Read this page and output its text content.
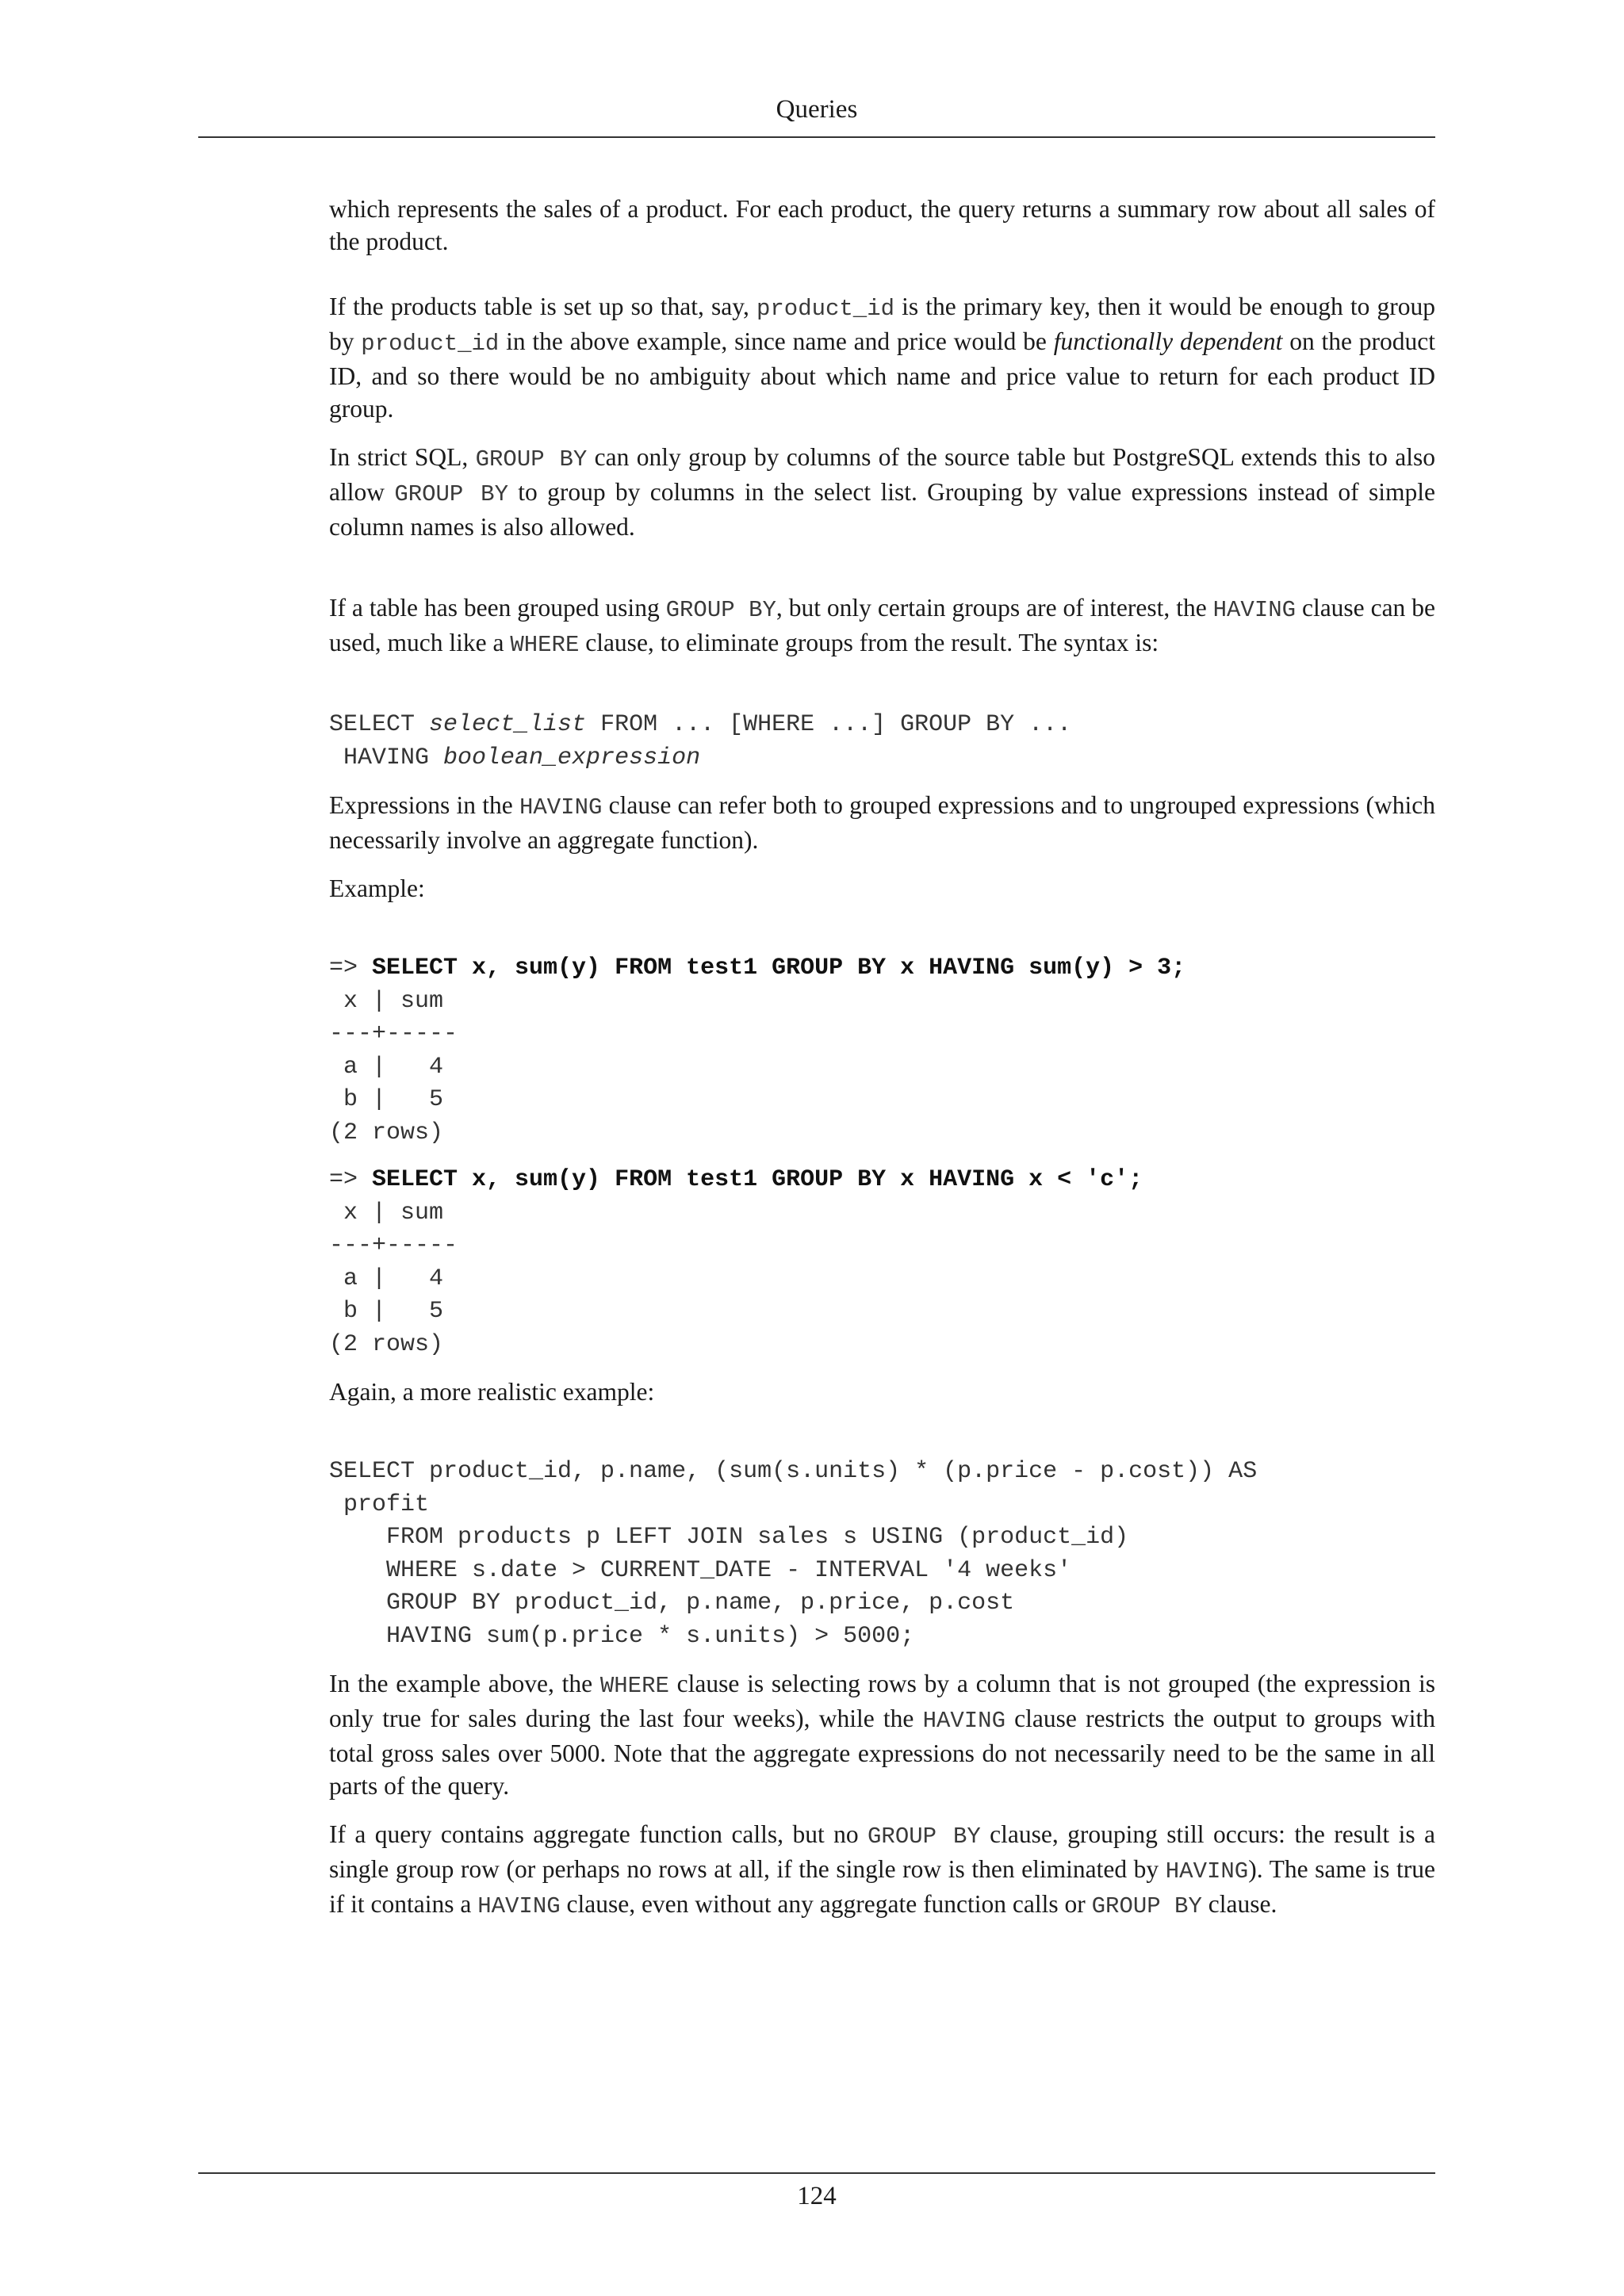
Queries

which represents the sales of a product. For each product, the query returns a summary row about all sales of the product.

If the products table is set up so that, say, product_id is the primary key, then it would be enough to group by product_id in the above example, since name and price would be functionally dependent on the product ID, and so there would be no ambiguity about which name and price value to return for each product ID group.

In strict SQL, GROUP BY can only group by columns of the source table but PostgreSQL extends this to also allow GROUP BY to group by columns in the select list. Grouping by value expressions instead of simple column names is also allowed.

If a table has been grouped using GROUP BY, but only certain groups are of interest, the HAVING clause can be used, much like a WHERE clause, to eliminate groups from the result. The syntax is:

SELECT select_list FROM ... [WHERE ...] GROUP BY ...
HAVING boolean_expression

Expressions in the HAVING clause can refer both to grouped expressions and to ungrouped expressions (which necessarily involve an aggregate function).

Example:

=> SELECT x, sum(y) FROM test1 GROUP BY x HAVING sum(y) > 3;
x | sum
---+-----
a |   4
b |   5
(2 rows)
=> SELECT x, sum(y) FROM test1 GROUP BY x HAVING x < 'c';
x | sum
---+-----
a |   4
b |   5
(2 rows)

Again, a more realistic example:

SELECT product_id, p.name, (sum(s.units) * (p.price - p.cost)) AS
profit
FROM products p LEFT JOIN sales s USING (product_id)
WHERE s.date > CURRENT_DATE - INTERVAL '4 weeks'
GROUP BY product_id, p.name, p.price, p.cost
HAVING sum(p.price * s.units) > 5000;

In the example above, the WHERE clause is selecting rows by a column that is not grouped (the expression is only true for sales during the last four weeks), while the HAVING clause restricts the output to groups with total gross sales over 5000. Note that the aggregate expressions do not necessarily need to be the same in all parts of the query.

If a query contains aggregate function calls, but no GROUP BY clause, grouping still occurs: the result is a single group row (or perhaps no rows at all, if the single row is then eliminated by HAVING). The same is true if it contains a HAVING clause, even without any aggregate function calls or GROUP BY clause.

124
